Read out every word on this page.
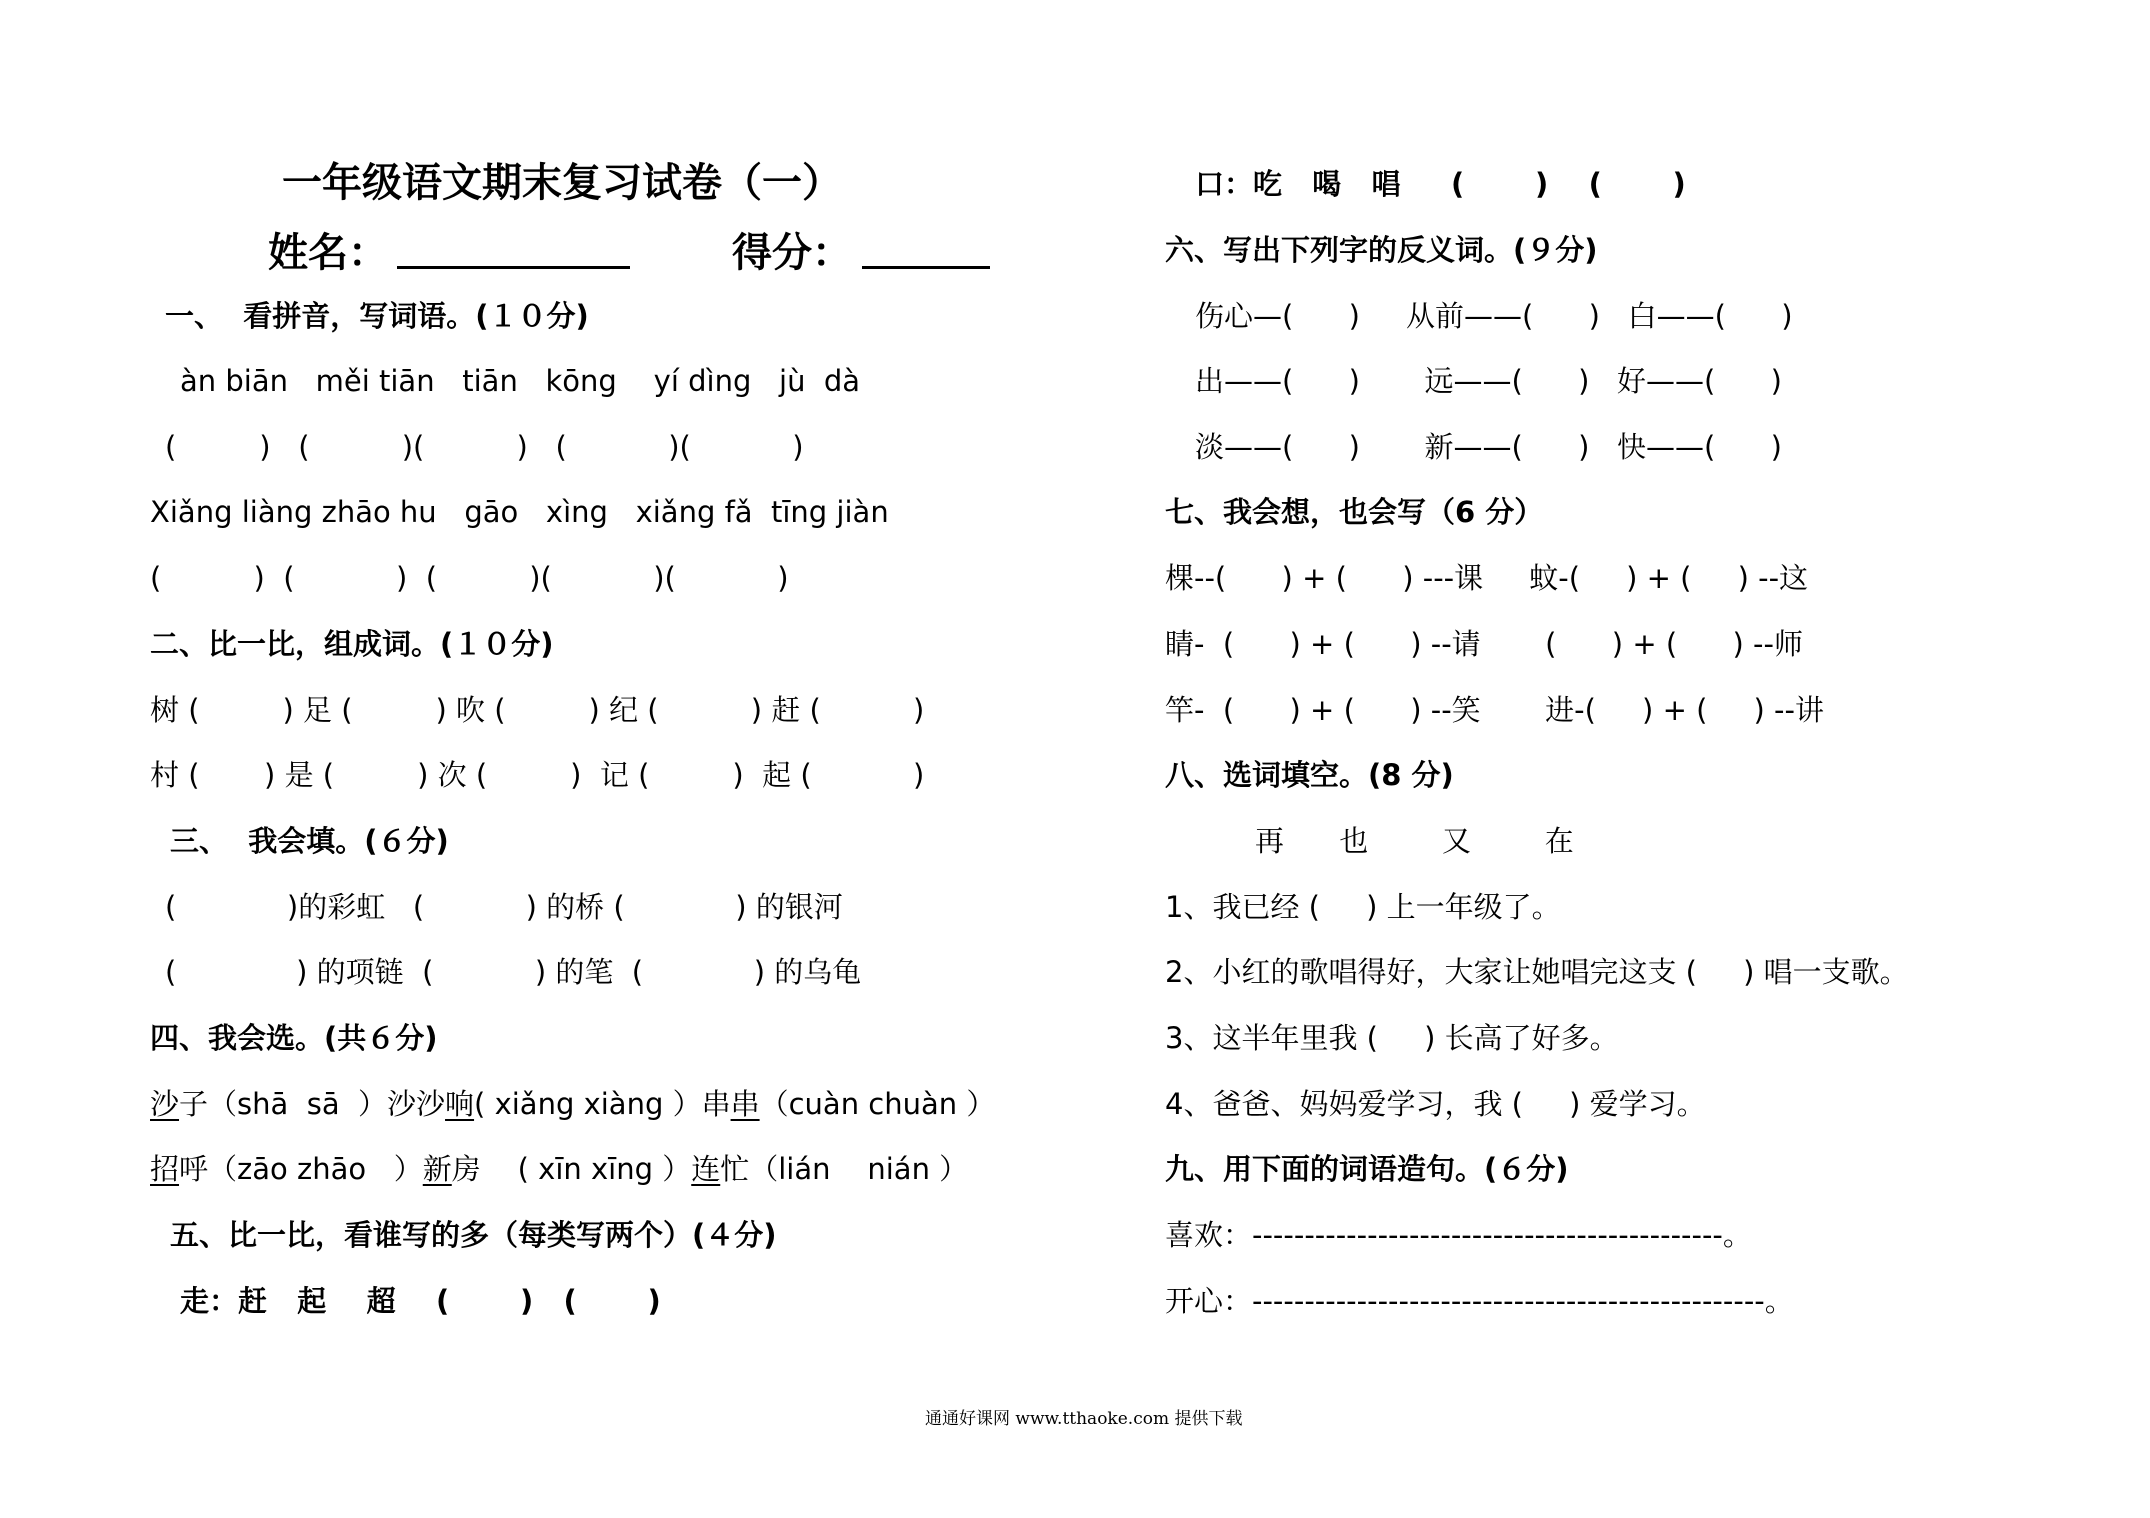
一年级语文期末复习试卷（一）
姓名：	得分：
一、  看拼音，写词语。(１０分)
àn biān   měi tiān   tiān   kōng    yí dìng   jù  dà
(         )   (          )(          )   (           )(           )
Xiǎng liàng zhāo hu   gāo   xìng   xiǎng fǎ  tīng jiàn
(          )  (           )  (          )(           )(           )
二、比一比，组成词。(１０分)
树 (         ) 足 (         ) 吹 (         ) 纪 (          ) 赶 (          )
村 (       ) 是 (         ) 次 (         )  记 (         )  起 (           )
三、  我会填。(６分)
(            )的彩虹   (           ) 的桥 (            ) 的银河
(             ) 的项链  (           ) 的笔  (            ) 的乌龟
四、我会选。(共６分)
沙子（shā  sā  ）沙沙响( xiǎng xiàng ）串串（cuàn chuàn ）
招呼（zāo zhāo   ）新房    ( xīn xīng ）连忙（lián    nián ）
五、比一比，看谁写的多（每类写两个）(４分)
走：赶   起    超    (       )   (       )
口：吃   喝   唱     (       )    (       )
六、写出下列字的反义词。(９分)
伤心—(      )     从前——(      )   白——(      )
出——(      )       远——(      )   好——(      )
淡——(      )       新——(      )   快——(      )
七、我会想，也会写（6 分）
棵--(      ) + (      ) ---课     蚊-(     ) + (     ) --这
睛-  (      ) + (      ) --请       (      ) + (      ) --师
竿-  (      ) + (      ) --笑       进-(     ) + (     ) --讲
八、选词填空。(8 分)
再      也        又        在
1、我已经 (     ) 上一年级了。
2、小红的歌唱得好，大家让她唱完这支 (     ) 唱一支歌。
3、这半年里我 (     ) 长高了好多。
4、爸爸、妈妈爱学习，我 (     ) 爱学习。
九、用下面的词语造句。(６分)
喜欢：---------------------------------------------。
开心：-------------------------------------------------。
通通好课网 www.tthaoke.com 提供下载
